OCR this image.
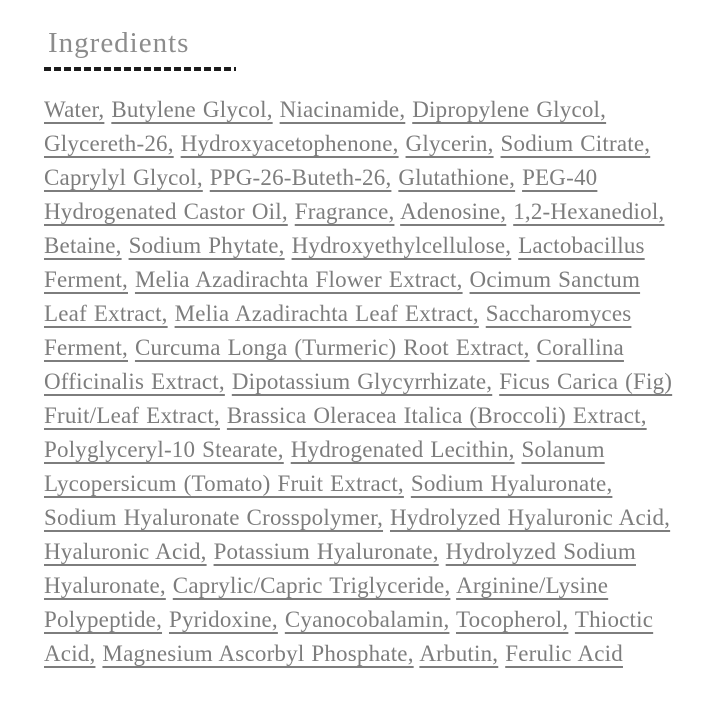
Ingredients

Water, Butylene Glycol, Niacinamide, Dipropylene Glycol, Glycereth-26, Hydroxyacetophenone, Glycerin, Sodium Citrate, Caprylyl Glycol, PPG-26-Buteth-26, Glutathione, PEG-40 Hydrogenated Castor Oil, Fragrance, Adenosine, 1,2-Hexanediol, Betaine, Sodium Phytate, Hydroxyethylcellulose, Lactobacillus Ferment, Melia Azadirachta Flower Extract, Ocimum Sanctum Leaf Extract, Melia Azadirachta Leaf Extract, Saccharomyces Ferment, Curcuma Longa (Turmeric) Root Extract, Corallina Officinalis Extract, Dipotassium Glycyrrhizate, Ficus Carica (Fig) Fruit/Leaf Extract, Brassica Oleracea Italica (Broccoli) Extract, Polyglyceryl-10 Stearate, Hydrogenated Lecithin, Solanum Lycopersicum (Tomato) Fruit Extract, Sodium Hyaluronate, Sodium Hyaluronate Crosspolymer, Hydrolyzed Hyaluronic Acid, Hyaluronic Acid, Potassium Hyaluronate, Hydrolyzed Sodium Hyaluronate, Caprylic/Capric Triglyceride, Arginine/Lysine Polypeptide, Pyridoxine, Cyanocobalamin, Tocopherol, Thioctic Acid, Magnesium Ascorbyl Phosphate, Arbutin, Ferulic Acid
